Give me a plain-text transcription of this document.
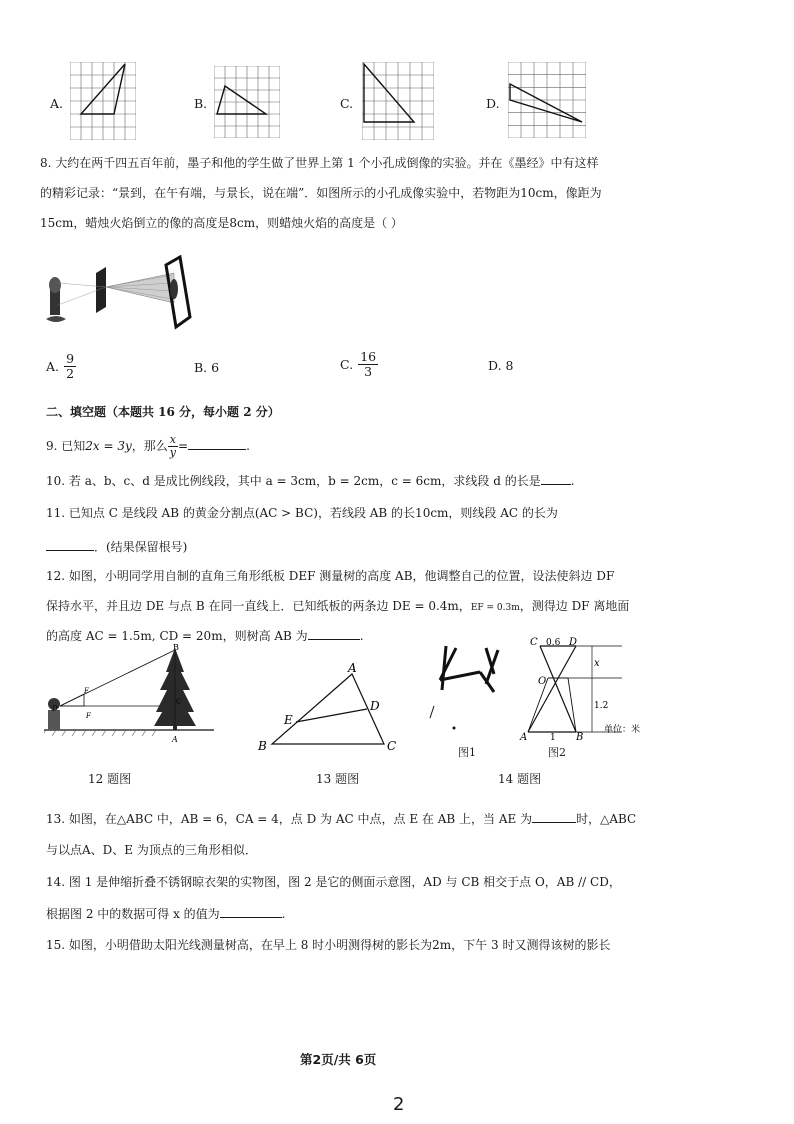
A.	B.	C.	D.
8. 大约在两千四五百年前，墨子和他的学生做了世界上第 1 个小孔成倒像的实验。并在《墨经》中有这样
的精彩记录：“景到，在午有端，与景长，说在端”．如图所示的小孔成像实验中，若物距为10cm，像距为
15cm，蜡烛火焰倒立的像的高度是8cm，则蜡烛火焰的高度是（ ）
A. $\frac{9}{2}$	B. 6	C. $\frac{16}{3}$	D. 8
二、填空题（本题共 16 分，每小题 2 分）
9. 已知2x = 3y，那么 $\frac{x}{y}$ =	.
10. 若 a、b、c、d 是成比例线段，其中 a = 3cm，b = 2cm，c = 6cm，求线段 d 的长是	.
11. 已知点 C 是线段 AB 的黄金分割点(AC > BC)，若线段 AB 的长10cm，则线段 AC 的长为
．(结果保留根号)
12. 如图，小明同学用自制的直角三角形纸板 DEF 测量树的高度 AB，他调整自己的位置，设法使斜边 DF
保持水平，并且边 DE 与点 B 在同一直线上．已知纸板的两条边 DE = 0.4m，EF = 0.3m，测得边 DF 离地面
的高度 AC = 1.5m, CD = 20m，则树高 AB 为	.
B
E
D
F
C
A
12 题图
A
D
E
B	C
13 题图
图1
C 0.6 D
x
O
1.2
A	1 B
单位：米
图2
14 题图
13. 如图，在△ABC 中，AB = 6，CA = 4，点 D 为 AC 中点，点 E 在 AB 上，当 AE 为	时，△ABC
与以点A、D、E 为顶点的三角形相似．
14. 图 1 是伸缩折叠不锈钢晾衣架的实物图，图 2 是它的侧面示意图，AD 与 CB 相交于点 O，AB // CD，
根据图 2 中的数据可得 x 的值为	.
15. 如图，小明借助太阳光线测量树高，在早上 8 时小明测得树的影长为2m，下午 3 时又测得该树的影长
第2页/共 6页
2
